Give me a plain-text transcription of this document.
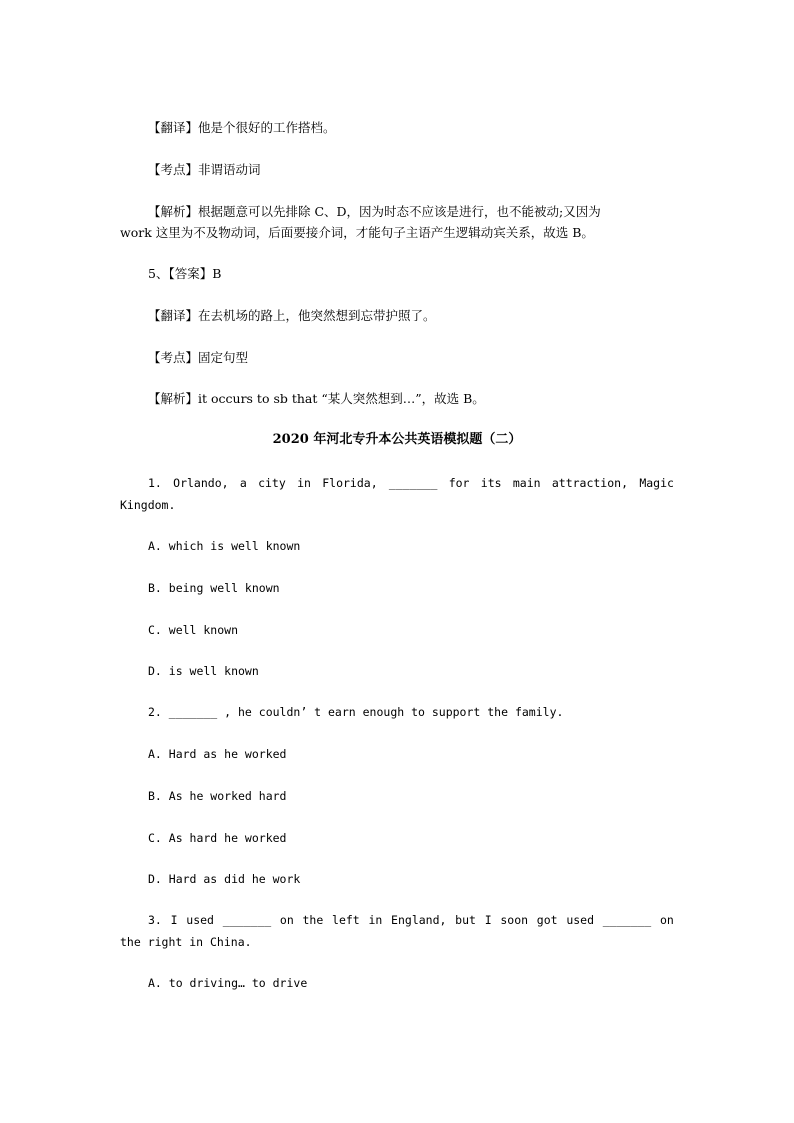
【翻译】他是个很好的工作搭档。
【考点】非谓语动词
【解析】根据题意可以先排除 C、D，因为时态不应该是进行，也不能被动;又因为
work 这里为不及物动词，后面要接介词，才能句子主语产生逻辑动宾关系，故选 B。
5、【答案】B
【翻译】在去机场的路上，他突然想到忘带护照了。
【考点】固定句型
【解析】it occurs to sb that “某人突然想到…”，故选 B。
2020 年河北专升本公共英语模拟题（二）
1. Orlando, a city in Florida, _______ for its main attraction, Magic
Kingdom.
A. which is well known
B. being well known
C. well known
D. is well known
2. _______ , he couldn’ t earn enough to support the family.
A. Hard as he worked
B. As he worked hard
C. As hard he worked
D. Hard as did he work
3. I used _______ on the left in England, but I soon got used _______ on
the right in China.
A. to driving… to drive
